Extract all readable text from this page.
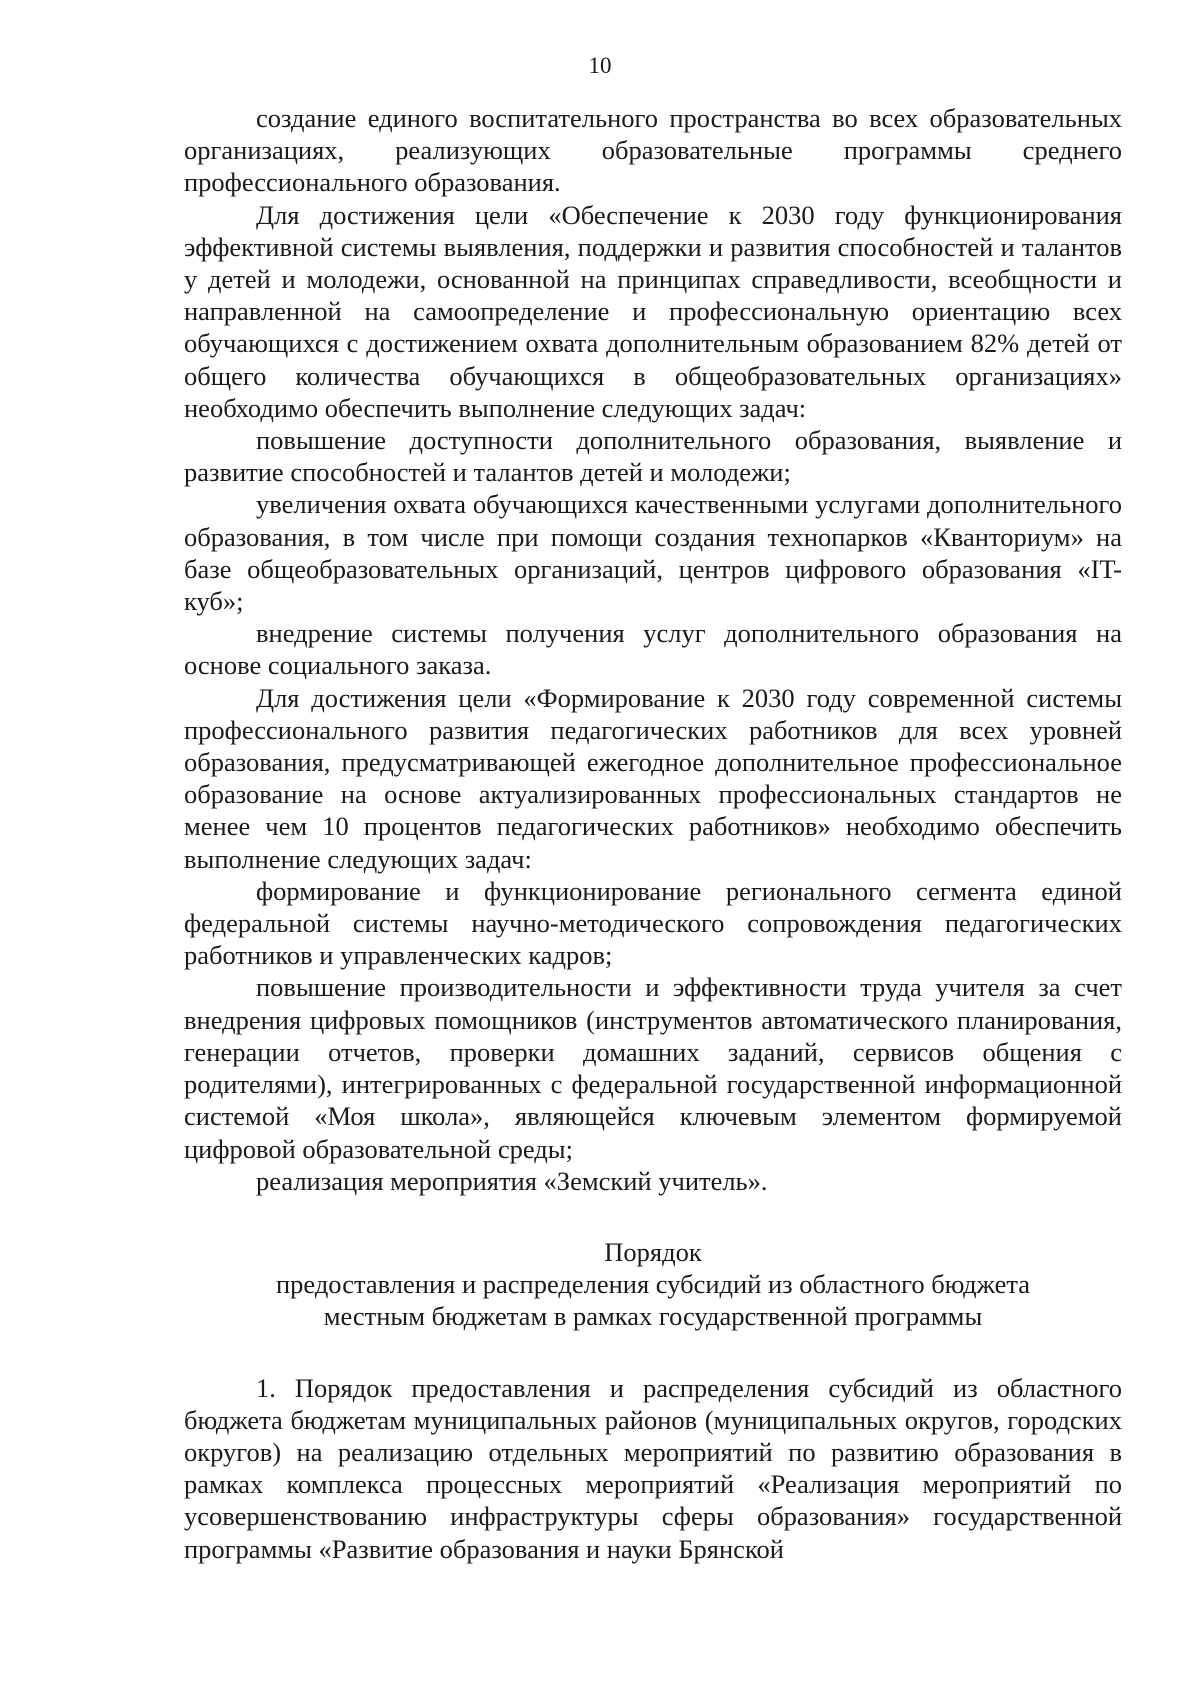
10

создание единого воспитательного пространства во всех образовательных организациях, реализующих образовательные программы среднего профессионального образования.

Для достижения цели «Обеспечение к 2030 году функционирования эффективной системы выявления, поддержки и развития способностей и талантов у детей и молодежи, основанной на принципах справедливости, всеобщности и направленной на самоопределение и профессиональную ориентацию всех обучающихся с достижением охвата дополнительным образованием 82% детей от общего количества обучающихся в общеобразовательных организациях» необходимо обеспечить выполнение следующих задач:

повышение доступности дополнительного образования, выявление и развитие способностей и талантов детей и молодежи;

увеличения охвата обучающихся качественными услугами дополнительного образования, в том числе при помощи создания технопарков «Кванториум» на базе общеобразовательных организаций, центров цифрового образования «IT-куб»;

внедрение системы получения услуг дополнительного образования на основе социального заказа.

Для достижения цели «Формирование к 2030 году современной системы профессионального развития педагогических работников для всех уровней образования, предусматривающей ежегодное дополнительное профессиональное образование на основе актуализированных профессиональных стандартов не менее чем 10 процентов педагогических работников» необходимо обеспечить выполнение следующих задач:

формирование и функционирование регионального сегмента единой федеральной системы научно-методического сопровождения педагогических работников и управленческих кадров;

повышение производительности и эффективности труда учителя за счет внедрения цифровых помощников (инструментов автоматического планирования, генерации отчетов, проверки домашних заданий, сервисов общения с родителями), интегрированных с федеральной государственной информационной системой «Моя школа», являющейся ключевым элементом формируемой цифровой образовательной среды;

реализация мероприятия «Земский учитель».

Порядок
предоставления и распределения субсидий из областного бюджета
местным бюджетам в рамках государственной программы

1. Порядок предоставления и распределения субсидий из областного бюджета бюджетам муниципальных районов (муниципальных округов, городских округов) на реализацию отдельных мероприятий по развитию образования в рамках комплекса процессных мероприятий «Реализация мероприятий по усовершенствованию инфраструктуры сферы образования» государственной программы «Развитие образования и науки Брянской
